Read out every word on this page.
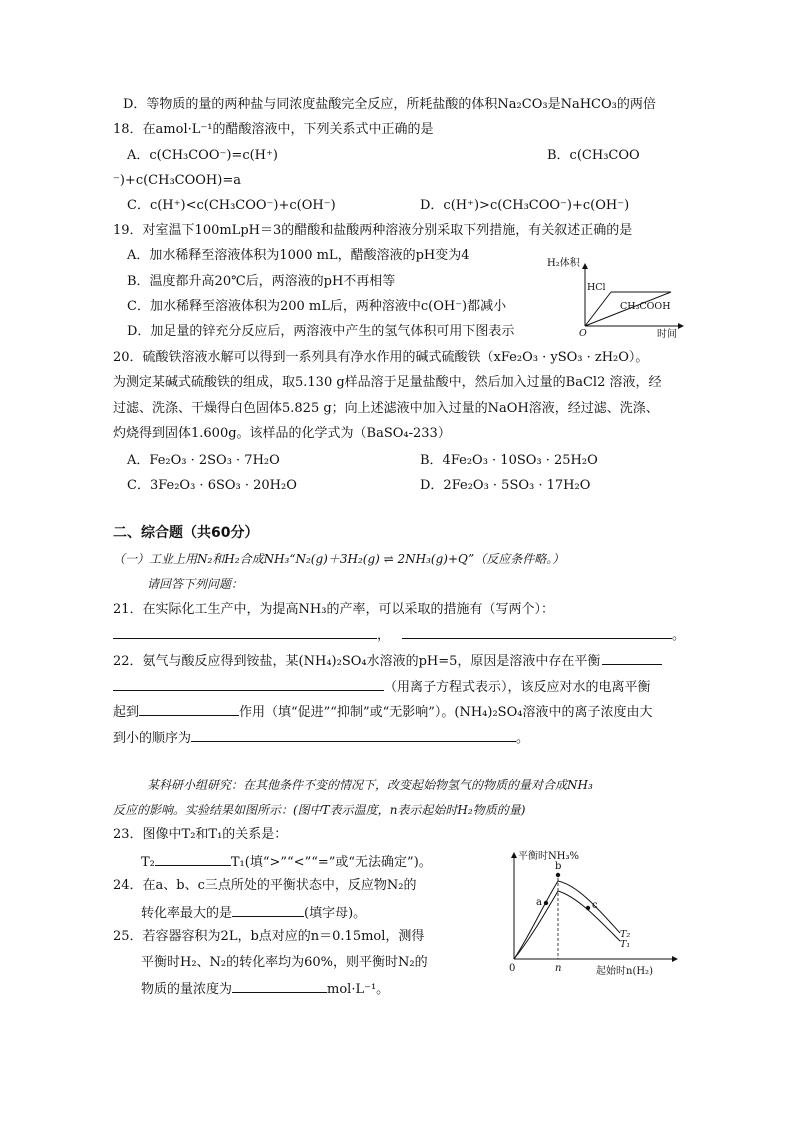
D．等物质的量的两种盐与同浓度盐酸完全反应，所耗盐酸的体积Na₂CO₃是NaHCO₃的两倍
18．在amol·L⁻¹的醋酸溶液中，下列关系式中正确的是
A．c(CH₃COO⁻)=c(H⁺)	B．c(CH₃COO
⁻)+c(CH₃COOH)=a
C．c(H⁺)<c(CH₃COO⁻)+c(OH⁻)	D．c(H⁺)>c(CH₃COO⁻)+c(OH⁻)
19．对室温下100mLpH＝3的醋酸和盐酸两种溶液分别采取下列措施，有关叙述正确的是
A．加水稀释至溶液体积为1000 mL，醋酸溶液的pH变为4
B．温度都升高20℃后，两溶液的pH不再相等
C．加水稀释至溶液体积为200 mL后，两种溶液中c(OH⁻)都减小
D．加足量的锌充分反应后，两溶液中产生的氢气体积可用下图表示
H₂体积
HCl
CH₃COOH
O	时间
20．硫酸铁溶液水解可以得到一系列具有净水作用的碱式硫酸铁（xFe₂O₃ · ySO₃ · zH₂O）。
为测定某碱式硫酸铁的组成，取5.130 g样品溶于足量盐酸中，然后加入过量的BaCl2 溶液，经
过滤、洗涤、干燥得白色固体5.825 g；向上述滤液中加入过量的NaOH溶液，经过滤、洗涤、
灼烧得到固体1.600g。该样品的化学式为（BaSO₄-233）
A．Fe₂O₃ · 2SO₃ · 7H₂O	B．4Fe₂O₃ · 10SO₃ · 25H₂O
C．3Fe₂O₃ · 6SO₃ · 20H₂O	D．2Fe₂O₃ · 5SO₃ · 17H₂O
二、综合题（共60分）
（一）工业上用N₂和H₂合成NH₃“N₂(g)＋3H₂(g) ⇌ 2NH₃(g)+Q”（反应条件略。）
请回答下列问题：
21．在实际化工生产中，为提高NH₃的产率，可以采取的措施有（写两个）：
，	。
22．氨气与酸反应得到铵盐，某(NH₄)₂SO₄水溶液的pH=5，原因是溶液中存在平衡
（用离子方程式表示），该反应对水的电离平衡
起到	作用（填“促进”“抑制”或“无影响”）。(NH₄)₂SO₄溶液中的离子浓度由大
到小的顺序为	。
某科研小组研究：在其他条件不变的情况下，改变起始物氢气的物质的量对合成NH₃
反应的影响。实验结果如图所示：(图中T表示温度，n表示起始时H₂物质的量)
23．图像中T₂和T₁的关系是：
T₂	T₁(填“>”“<”“=”或“无法确定”)。
24．在a、b、c三点所处的平衡状态中，反应物N₂的
转化率最大的是	(填字母)。
25．若容器容积为2L，b点对应的n＝0.15mol，测得
平衡时H₂、N₂的转化率均为60%，则平衡时N₂的
物质的量浓度为	mol·L⁻¹。
平衡时NH₃%
a
b
c
T₂
T₁
0	n	起始时n(H₂)
